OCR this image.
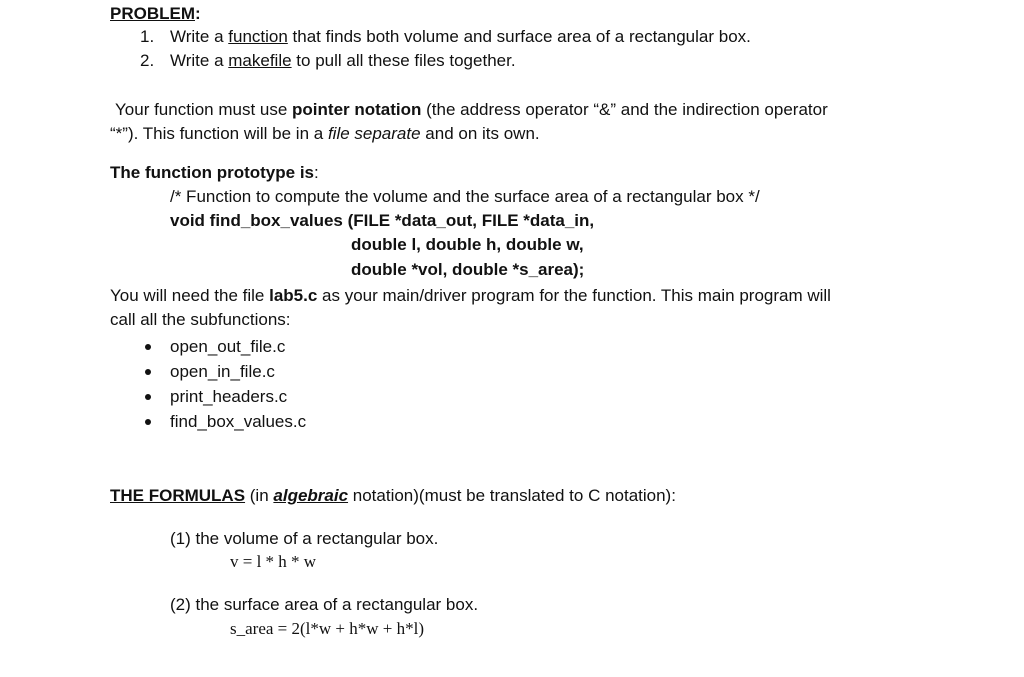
PROBLEM:
1. Write a function that finds both volume and surface area of a rectangular box.
2. Write a makefile to pull all these files together.
Your function must use pointer notation (the address operator “&” and the indirection operator
“*”). This function will be in a file separate and on its own.
The function prototype is:
/* Function to compute the volume and the surface area of a rectangular box */
void find_box_values (FILE *data_out, FILE *data_in,
double l, double h, double w,
double *vol, double *s_area);
You will need the file lab5.c as your main/driver program for the function. This main program will
call all the subfunctions:
open_out_file.c
open_in_file.c
print_headers.c
find_box_values.c
THE FORMULAS (in algebraic notation)(must be translated to C notation):
(1) the volume of a rectangular box.
v = l * h * w
(2) the surface area of a rectangular box.
s_area = 2(l*w + h*w + h*l)
